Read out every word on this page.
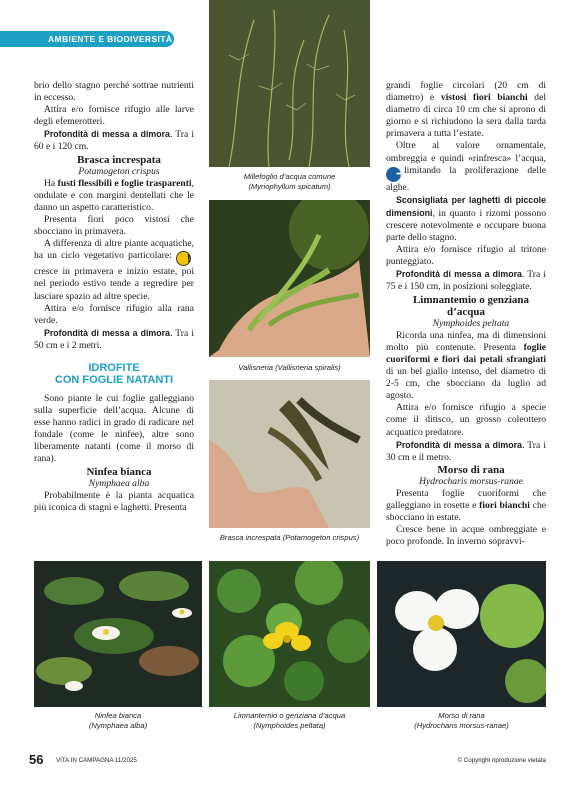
AMBIENTE E BIODIVERSITÀ

brio dello stagno perché sottrae nutrienti in eccesso.

Attira e/o fornisce rifugio alle larve degli efemerotteri.

Profondità di messa a dimora. Tra i 60 e i 120 cm.

Brasca increspata

Potamogeton crispus

Ha fusti flessibili e foglie trasparenti, ondulate e con margini dentellati che le danno un aspetto caratteristico.

Presenta fiori poco vistosi che sbocciano in primavera.

A differenza di altre piante acquatiche, ha un ciclo vegetativo particolare: !cresce in primavera e inizio estate, poi nel periodo estivo tende a regredire per lasciare spazio ad altre specie.

Attira e/o fornisce rifugio alla rana verde.

Profondità di messa a dimora. Tra i 50 cm e i 2 metri.

IDROFITE
CON FOGLIE NATANTI

Sono piante le cui foglie galleggiano sulla superficie dell’acqua. Alcune di esse hanno radici in grado di radicare nel fondale (come le ninfee), altre sono liberamente natanti (come il morso di rana).

Ninfea bianca

Nymphaea alba

Probabilmente è la pianta acquatica più iconica di stagni e laghetti. Presenta

Millefoglio d’acqua comune
(Myriophyllum spicatum)
Vallisneria (Vallisneria spiralis)
Brasca increspata (Potamogeton crispus)

grandi foglie circolari (20 cm di diametro) e vistosi fiori bianchi del diametro di circa 10 cm che si aprono di giorno e si richiudono la sera dalla tarda primavera a tutta l’estate.

Oltre al valore ornamentale, ombreggia e quindi «rinfresca» l’acqua, ➜limitando la proliferazione delle alghe.

Sconsigliata per laghetti di piccole dimensioni, in quanto i rizomi possono crescere notevolmente e occupare buona parte dello stagno.

Attira e/o fornisce rifugio al tritone punteggiato.

Profondità di messa a dimora. Tra i 75 e i 150 cm, in posizioni soleggiate.

Limnantemio o genziana d’acqua

Nymphoides peltata

Ricorda una ninfea, ma di dimensioni molto più contenute. Presenta foglie cuoriformi e fiori dai petali sfrangiati di un bel giallo intenso, del diametro di 2-5 cm, che sbocciano da luglio ad agosto.

Attira e/o fornisce rifugio a specie come il ditisco, un grosso coleottero acquatico predatore.

Profondità di messa a dimora. Tra i 30 cm e il metro.

Morso di rana

Hydrocharis morsus-ranae

Presenta foglie cuoriformi che galleggiano in rosette e fiori bianchi che sbocciano in estate.

Cresce bene in acque ombreggiate e poco profonde. In inverno sopravvi-

Ninfea bianca
(Nymphaea alba)
Limnantemio o genziana d’acqua
(Nymphoides peltata)
Morso di rana
(Hydrocharis morsus-ranae)
56 VITA IN CAMPAGNA 11/2025	© Copyright riproduzione vietata
